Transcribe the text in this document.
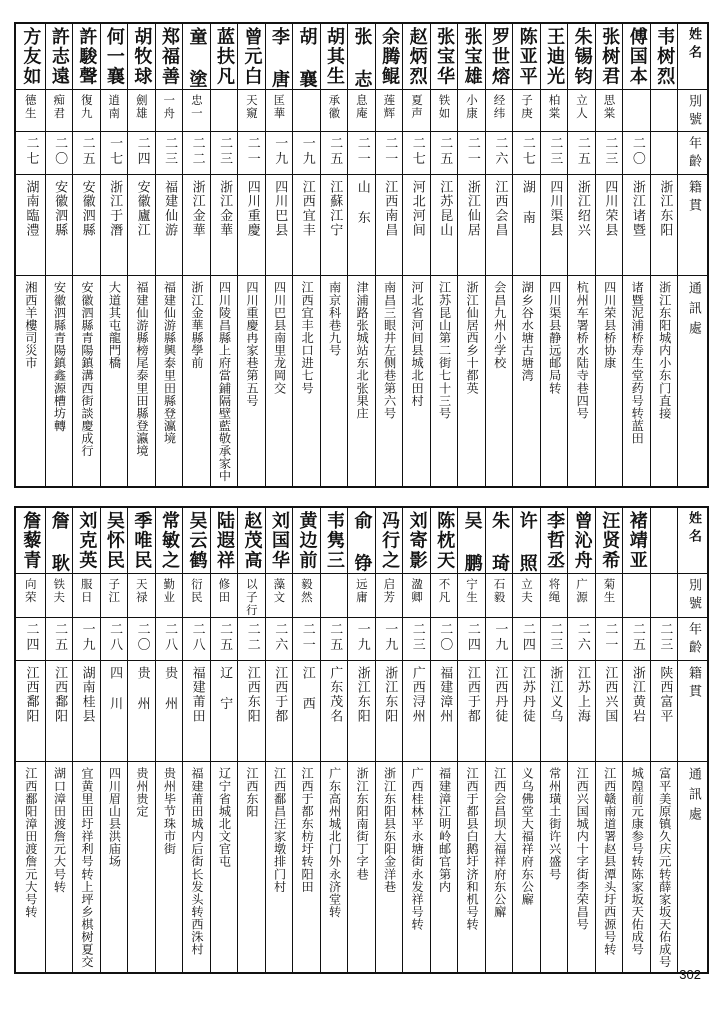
方友如	許志遠	許駿聲	何一襄	胡牧球	郑福善	童 塗	蓝扶凡	曾元白	李 唐	胡 襄	胡其生	张 志	余腾鲲	赵炳烈	张宝华	张宝雄	罗世熔	陈亚平	王迪光	朱锡钧	张树君	傅国本	韦树烈	姓名

德生	痴君	復九	逍南	劍雄	一舟	忠一		天窺	匡華		承徽	息庵	莲辉	夏声	铁如	小康	经纬	子庚	柏棠	立人	思棠			別號

二七	二〇	二五	一七	二四	二三	二二	二三	二一	一九	一九	二五	二一	二一	二七	二五	二一	二六	二七	二三	二五	二三	二〇		年齡

湖南臨澧	安徽泗縣	安徽泗縣	浙江于潛	安徽廬江	福建仙游	浙江金華	浙江金華	四川重慶	四川巴县	江西宜丰	江蘇江宁	山 东	江西南昌	河北河间	江苏昆山	浙江仙居	江西会昌	湖 南	四川渠县	浙江绍兴	四川荣县	浙江诸暨	浙江东阳	籍貫

湘西羊樓司災市	安徽泗縣青陽鎮鑫源槽坊轉	安徽泗縣青陽鎮溝西街談慶成行	大道其屯龍門橋	福建仙游縣榜尾泰里田縣登瀛境	福建仙游縣興泰里田縣登瀛境	浙江金華縣學前	四川陵昌縣上府當鋪隔壁藍敬承家中	四川重慶冉家巷第五号	四川巴县南里龙岡交	江西宜丰北口进七号	南京科巷九号	津浦路张城站东北张果庄	南昌三眼井左侧巷第六号	河北省河间县城北田村	江苏昆山第二街七十三号	浙江仙居西乡十都英	会昌九州小学校	湖乡谷水塘古塘湾	四川渠县静远邮局转	杭州车署桥水陆寺巷四号	四川荣县桥协康	诸暨泥浦桥寿生堂药号转蓝田	浙江东阳城内小东门直接	通訊處
詹藜青	詹 耿	刘克英	吴怀民	季唯民	常敏之	吴云鹤	陆遐祥	赵茂高	刘国华	黄边前	韦隽三	俞 铮	冯行之	刘寄影	陈枕天	吴 鹏	朱 琦	许 照	李哲丞	曾沁舟	汪贤希	褚靖亚		姓名

向荣	铁夫	服日	子江	天禄	勤业	衍民	修田	以子行	藻文	毅然		远庸	启芳	溋卿	不凡	宁生	石毅	立夫	将绳	广源	菊生			別號

二四	二五	一九	二八	二〇	二八	二八	二五	二二	二六	二一	二五	一九	一九	二三	二〇	二四	一九	二四	二三	二六	二一	二五	二三	年齡

江西鄱阳	江西鄱阳	湖南桂县	四 川	贵 州	贵 州	福建莆田	辽 宁	江西东阳	江西于都	江 西	广东茂名	浙江东阳	浙江东阳	广西浔州	福建漳州	江西于都	江西丹徒	江苏丹徒	浙江义乌	江苏上海	江西兴国	浙江黄岩	陕西富平	籍貫

江西鄱阳漳田渡詹元大号转	湖口漳田渡詹元大号转	宜黄里田圩祥利号转上坪乡棋树夏交	四川眉山县洪庙场	贵州贵定	贵州毕节珠市街	福建莆田城内后街长发头转西洙村	辽宁省城北文官屯	江西东阳	江西鄱昌汪家墩排门村	江西于都东枋圩转阳田	广东高州城北门外永济堂转	浙江东阳南街丁字巷	浙江东阳县东阳金洋巷	广西桂林平永塘街永发祥号转	福建漳江明岭邮官第内	江西于都县白鹅圩济和机号转	江西会昌坝大福祥府东公廨	义乌佛堂大福祥府东公廨	常州璜土街许兴盛号	江西兴国城内十字街李荣昌号	江西赣南道署赵县潭头圩西源号转	城隍前元康参号转陈家坂天佑成号	富平美原镇久庆元转薛家坂天佑成号	通訊處
302
